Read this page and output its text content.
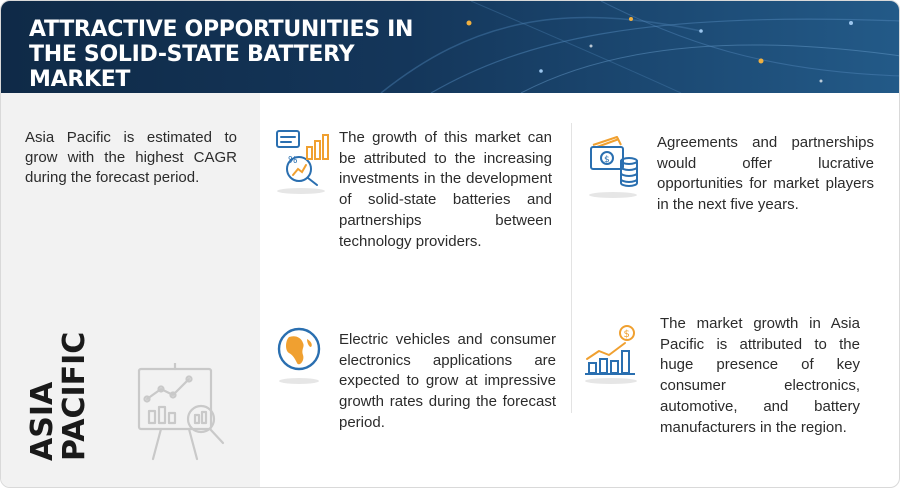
ATTRACTIVE OPPORTUNITIES IN THE SOLID-STATE BATTERY MARKET
Asia Pacific is estimated to grow with the highest CAGR during the forecast period.
ASIA PACIFIC
%
The growth of this market can be attributed to the increasing investments in the development of solid-state batteries and partnerships between technology providers.
$
Agreements and partnerships would offer lucrative opportunities for market players in the next five years.
Electric vehicles and consumer electronics applications are expected to grow at impressive growth rates during the forecast period.
$
The market growth in Asia Pacific is attributed to the huge presence of key consumer electronics, automotive, and battery manufacturers in the region.
